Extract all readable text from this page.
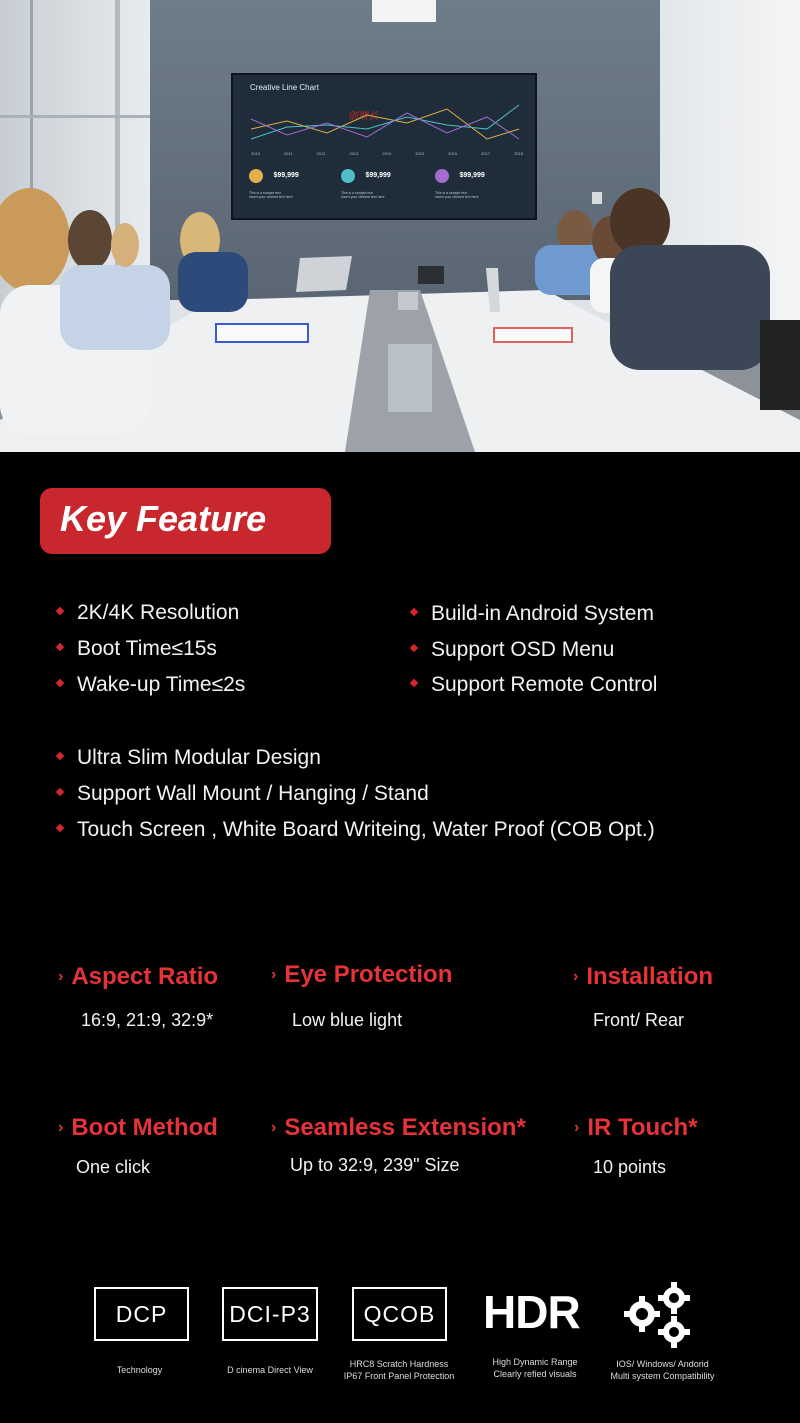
Creative Line Chart
创增长
2010	2011	2012	2013	2014	2015	2016	2017	2018
$99,999
This is a sample text
Insert your desired text here
$99,999
This is a sample text
Insert your desired text here
$99,999
This is a sample text
Insert your desired text here
Key Feature
2K/4K Resolution
Boot Time≤15s
Wake-up Time≤2s
Build-in Android System
Support OSD Menu
Support Remote Control
Ultra Slim Modular Design
Support Wall Mount / Hanging / Stand
Touch Screen , White Board Writeing, Water Proof (COB Opt.)
› Aspect Ratio
16:9, 21:9, 32:9*
› Eye Protection
Low blue light
› Installation
Front/ Rear
› Boot Method
One click
› Seamless Extension*
Up to 32:9, 239" Size
› IR Touch*
10 points
DCP
Technology
DCI-P3
D cinema Direct View
QCOB
HRC8 Scratch Hardness
IP67 Front Panel Protection
HDR
High Dynamic Range
Clearly refied visuals
IOS/ Windows/ Andorid
Multi system Compatibility
